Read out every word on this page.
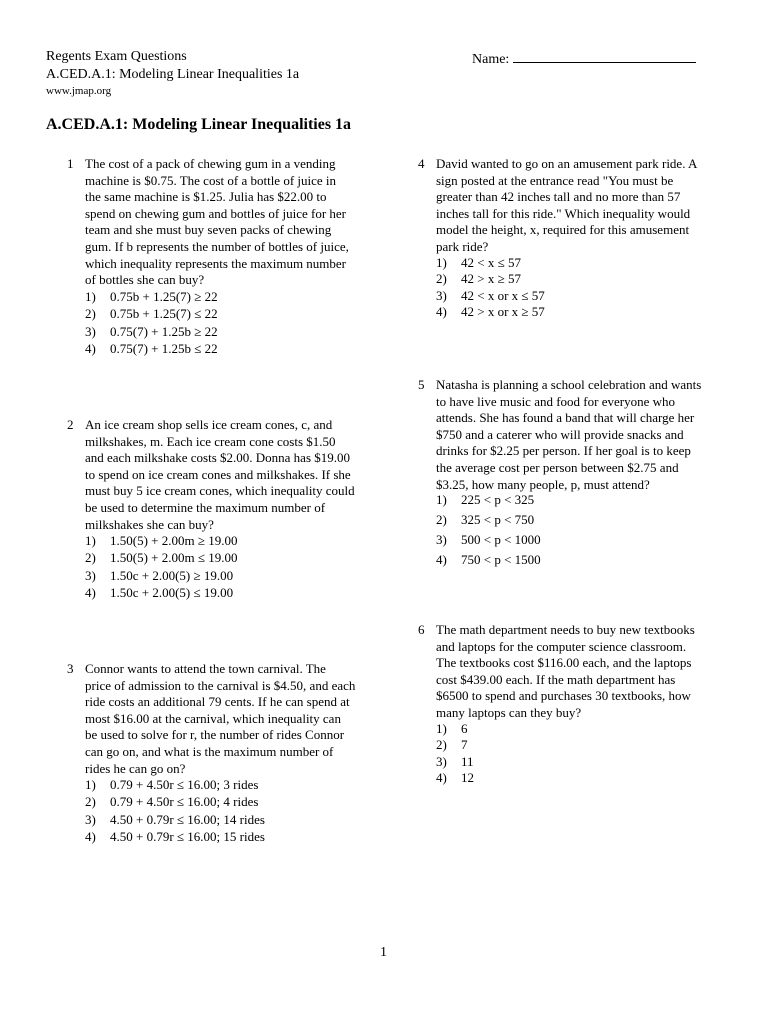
Regents Exam Questions
A.CED.A.1: Modeling Linear Inequalities 1a
www.jmap.org
Name:
A.CED.A.1: Modeling Linear Inequalities 1a
1 The cost of a pack of chewing gum in a vending
machine is $0.75. The cost of a bottle of juice in
the same machine is $1.25. Julia has $22.00 to
spend on chewing gum and bottles of juice for her
team and she must buy seven packs of chewing
gum. If b represents the number of bottles of juice,
which inequality represents the maximum number
of bottles she can buy?
1)	0.75b + 1.25(7) ≥ 22
2)	0.75b + 1.25(7) ≤ 22
3)	0.75(7) + 1.25b ≥ 22
4)	0.75(7) + 1.25b ≤ 22
2 An ice cream shop sells ice cream cones, c, and
milkshakes, m. Each ice cream cone costs $1.50
and each milkshake costs $2.00. Donna has $19.00
to spend on ice cream cones and milkshakes. If she
must buy 5 ice cream cones, which inequality could
be used to determine the maximum number of
milkshakes she can buy?
1)	1.50(5) + 2.00m ≥ 19.00
2)	1.50(5) + 2.00m ≤ 19.00
3)	1.50c + 2.00(5) ≥ 19.00
4)	1.50c + 2.00(5) ≤ 19.00
3 Connor wants to attend the town carnival. The
price of admission to the carnival is $4.50, and each
ride costs an additional 79 cents. If he can spend at
most $16.00 at the carnival, which inequality can
be used to solve for r, the number of rides Connor
can go on, and what is the maximum number of
rides he can go on?
1)	0.79 + 4.50r ≤ 16.00; 3 rides
2)	0.79 + 4.50r ≤ 16.00; 4 rides
3)	4.50 + 0.79r ≤ 16.00; 14 rides
4)	4.50 + 0.79r ≤ 16.00; 15 rides
4 David wanted to go on an amusement park ride. A
sign posted at the entrance read "You must be
greater than 42 inches tall and no more than 57
inches tall for this ride." Which inequality would
model the height, x, required for this amusement
park ride?
1)	42 < x ≤ 57
2)	42 > x ≥ 57
3)	42 < x or x ≤ 57
4)	42 > x or x ≥ 57
5 Natasha is planning a school celebration and wants
to have live music and food for everyone who
attends. She has found a band that will charge her
$750 and a caterer who will provide snacks and
drinks for $2.25 per person. If her goal is to keep
the average cost per person between $2.75 and
$3.25, how many people, p, must attend?
1)	225 < p < 325
2)	325 < p < 750
3)	500 < p < 1000
4)	750 < p < 1500
6 The math department needs to buy new textbooks
and laptops for the computer science classroom.
The textbooks cost $116.00 each, and the laptops
cost $439.00 each. If the math department has
$6500 to spend and purchases 30 textbooks, how
many laptops can they buy?
1)	6
2)	7
3)	11
4)	12
1
